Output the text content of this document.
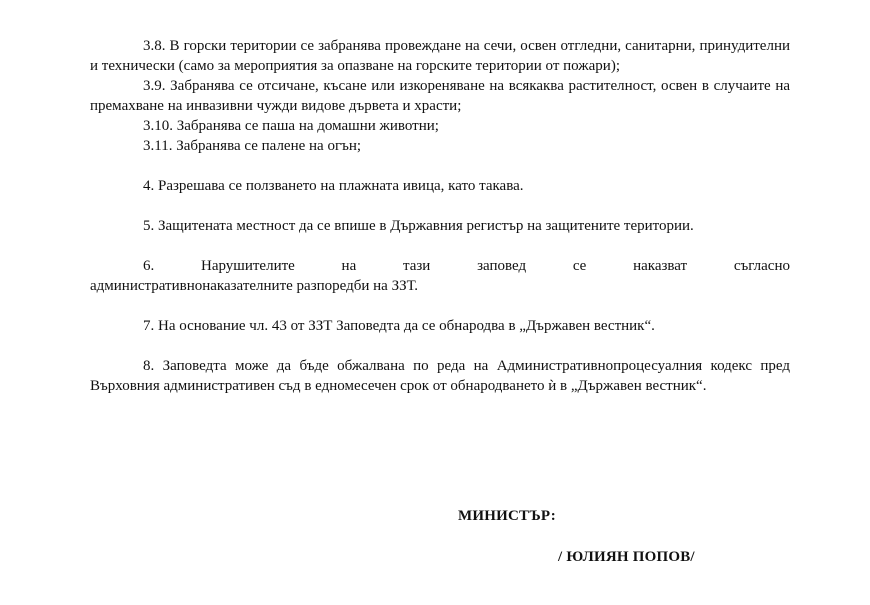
3.8. В горски територии се забранява провеждане на сечи, освен отгледни, санитарни, принудителни и технически (само за мероприятия за опазване на горските територии от пожари);

3.9. Забранява се отсичане, късане или изкореняване на всякаква растителност, освен в случаите на премахване на инвазивни чужди видове дървета и храсти;

3.10. Забранява се паша на домашни животни;

3.11. Забранява се палене на огън;

4. Разрешава се ползването на плажната ивица, като такава.

5. Защитената местност да се впише в Държавния регистър на защитените територии.

6. Нарушителите на тази заповед се наказват съгласно

административнонаказателните разпоредби на ЗЗТ.

7. На основание чл. 43 от ЗЗТ Заповедта да се обнародва в „Държавен вестник“.

8. Заповедта може да бъде обжалвана по реда на Административнопроцесуалния кодекс пред Върховния административен съд в едномесечен срок от обнародването ѝ в „Държавен вестник“.

МИНИСТЪР:
/ ЮЛИЯН ПОПОВ/
